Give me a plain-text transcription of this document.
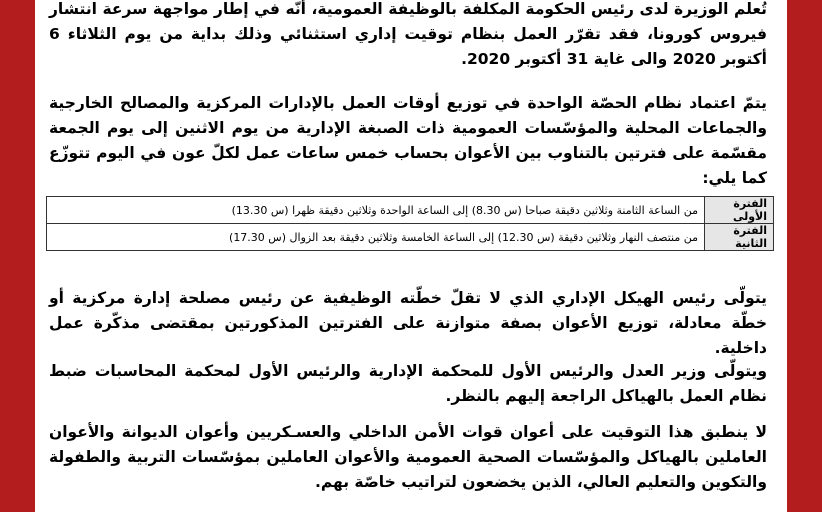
تُعلم الوزيرة لدى رئيس الحكومة المكلفة بالوظيفة العمومية، أنّه في إطار مواجهة سرعة انتشار فيروس كورونا، فقد تقرّر العمل بنظام توقيت إداري استثنائي وذلك بداية من يوم الثلاثاء 6 أكتوبر 2020 والى غاية 31 أكتوبر 2020.

يتمّ اعتماد نظام الحصّة الواحدة في توزيع أوقات العمل بالإدارات المركزية والمصالح الخارجية والجماعات المحلية والمؤسّسات العمومية ذات الصبغة الإدارية من يوم الاثنين إلى يوم الجمعة مقسّمة على فترتين بالتناوب بين الأعوان بحساب خمس ساعات عمل لكلّ عون في اليوم تتوزّع كما يلي:

الفترة الأولى	من الساعة الثامنة وثلاثين دقيقة صباحا (س 8.30) إلى الساعة الواحدة وثلاثين دقيقة ظهرا (س 13.30)
الفترة الثانية	من منتصف النهار وثلاثين دقيقة (س 12.30) إلى الساعة الخامسة وثلاثين دقيقة بعد الزوال (س 17.30)

يتولّى رئيس الهيكل الإداري الذي لا تقلّ خطّته الوظيفية عن رئيس مصلحة إدارة مركزية أو خطّة معادلة، توزيع الأعوان بصفة متوازنة على الفترتين المذكورتين بمقتضى مذكّرة عمل داخلية.

ويتولّى وزير العدل والرئيس الأول للمحكمة الإدارية والرئيس الأول لمحكمة المحاسبات ضبط نظام العمل بالهياكل الراجعة إليهم بالنظر.

لا ينطبق هذا التوقيت على أعوان قوات الأمن الداخلي والعسـكريين وأعوان الديوانة والأعوان العاملين بالهياكل والمؤسّسات الصحية العمومية والأعوان العاملين بمؤسّسات التربية والطفولة والتكوين والتعليم العالي، الذين يخضعون لتراتيب خاصّة بهم.
